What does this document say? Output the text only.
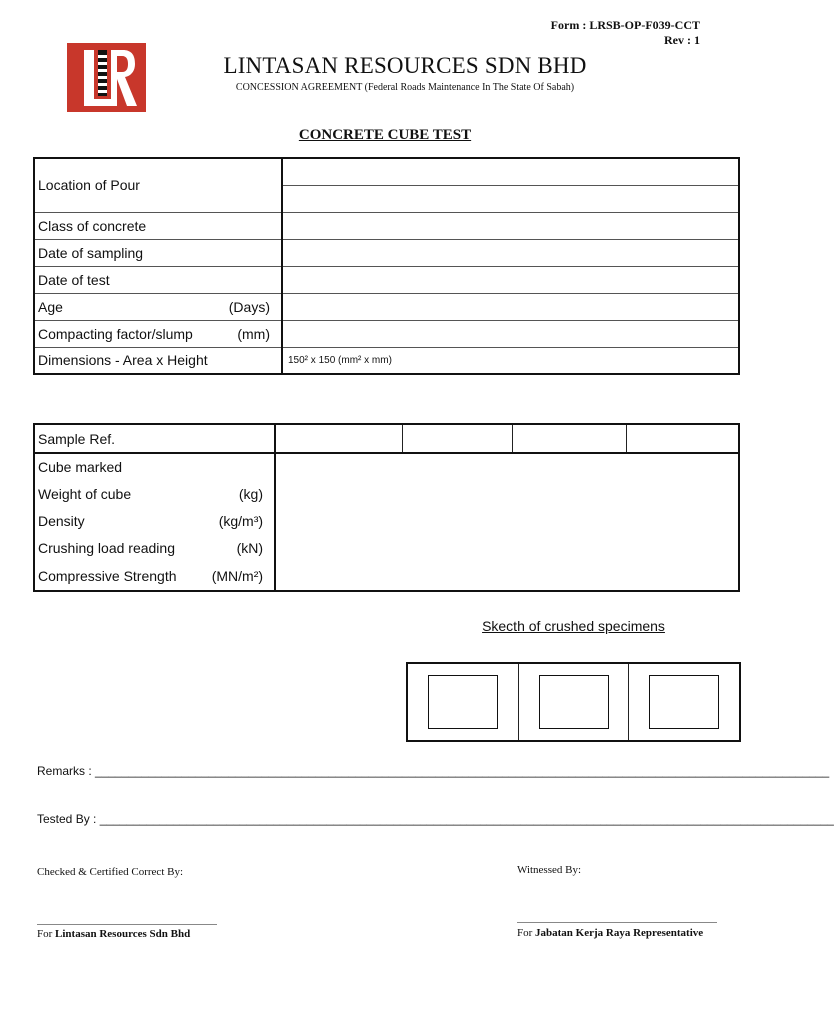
Form : LRSB-OP-F039-CCT
Rev : 1
LINTASAN RESOURCES SDN BHD
CONCESSION AGREEMENT (Federal Roads Maintenance In The State Of Sabah)
CONCRETE CUBE TEST
Location of Pour	

Class of concrete	
Date of sampling	
Date of test	
Age (Days)	

Compacting factor/slump (mm)	

Dimensions - Area x Height	150² x 150 (mm² x mm)
Sample Ref.				
Cube marked				
Weight of cube (kg)				

Density (kg/m³)				

Crushing load reading (kN)				

Compressive Strength (MN/m²)				
Skecth of crushed specimens
Remarks : ______________________________________________________________________________________________________________
Tested By : ______________________________________________________________________________________________________________
Checked & Certified Correct By:	Witnessed By:
For Lintasan Resources Sdn Bhd	For Jabatan Kerja Raya Representative
